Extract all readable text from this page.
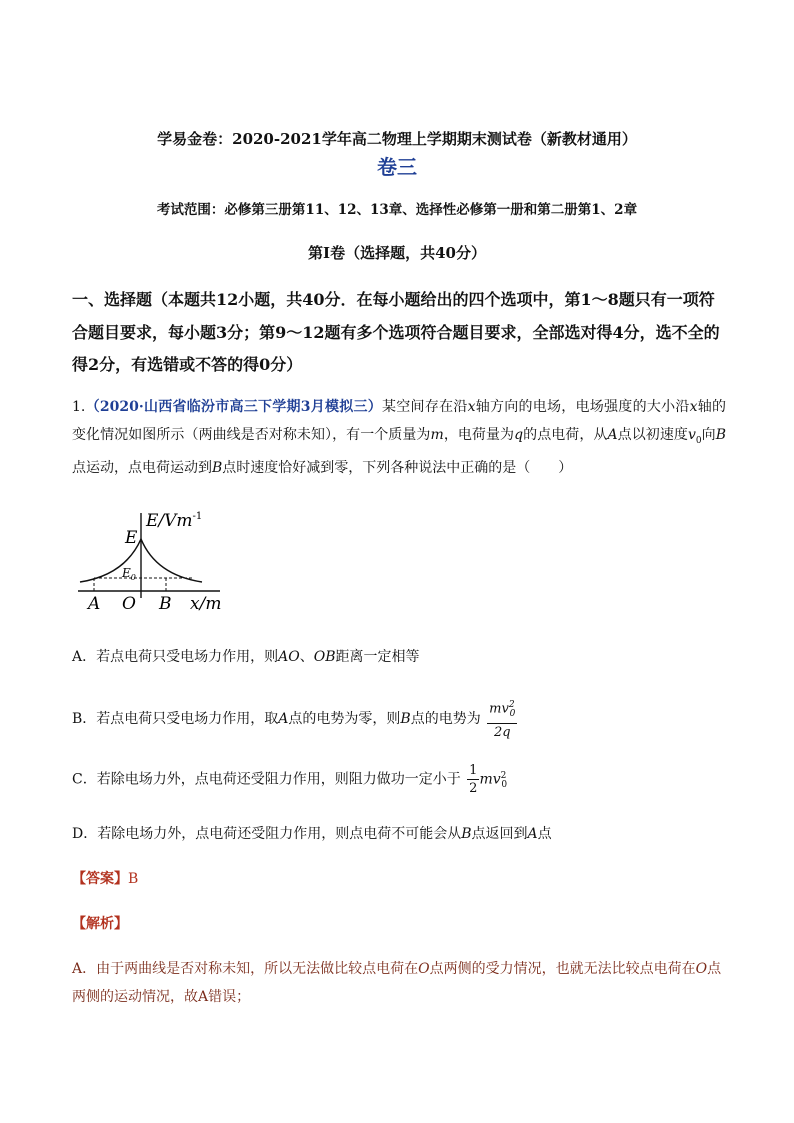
学易金卷：2020-2021学年高二物理上学期期末测试卷（新教材通用）
卷三
考试范围：必修第三册第11、12、13章、选择性必修第一册和第二册第1、2章
第Ⅰ卷（选择题，共40分）
一、选择题（本题共12小题，共40分．在每小题给出的四个选项中，第1～8题只有一项符合题目要求，每小题3分；第9～12题有多个选项符合题目要求，全部选对得4分，选不全的得2分，有选错或不答的得0分）
1.（2020·山西省临汾市高三下学期3月模拟三）某空间存在沿x轴方向的电场，电场强度的大小沿x轴的变化情况如图所示（两曲线是否对称未知），有一个质量为m，电荷量为q的点电荷，从A点以初速度$v_0$向B点运动，点电荷运动到B点时速度恰好减到零，下列各种说法中正确的是（　　）
$E/Vm^{-1}$
E
$E_0$
A O B x/m
A．若点电荷只受电场力作用，则AO、OB距离一定相等
B．若点电荷只受电场力作用，取A点的电势为零，则B点的电势为 $\frac{mv^2_0}{2q}$
C．若除电场力外，点电荷还受阻力作用，则阻力做功一定小于 $\frac{1}{2} mv^2_0$
D．若除电场力外，点电荷还受阻力作用，则点电荷不可能会从B点返回到A点
【答案】B
【解析】
A．由于两曲线是否对称未知，所以无法做比较点电荷在O点两侧的受力情况，也就无法比较点电荷在O点两侧的运动情况，故A错误；
